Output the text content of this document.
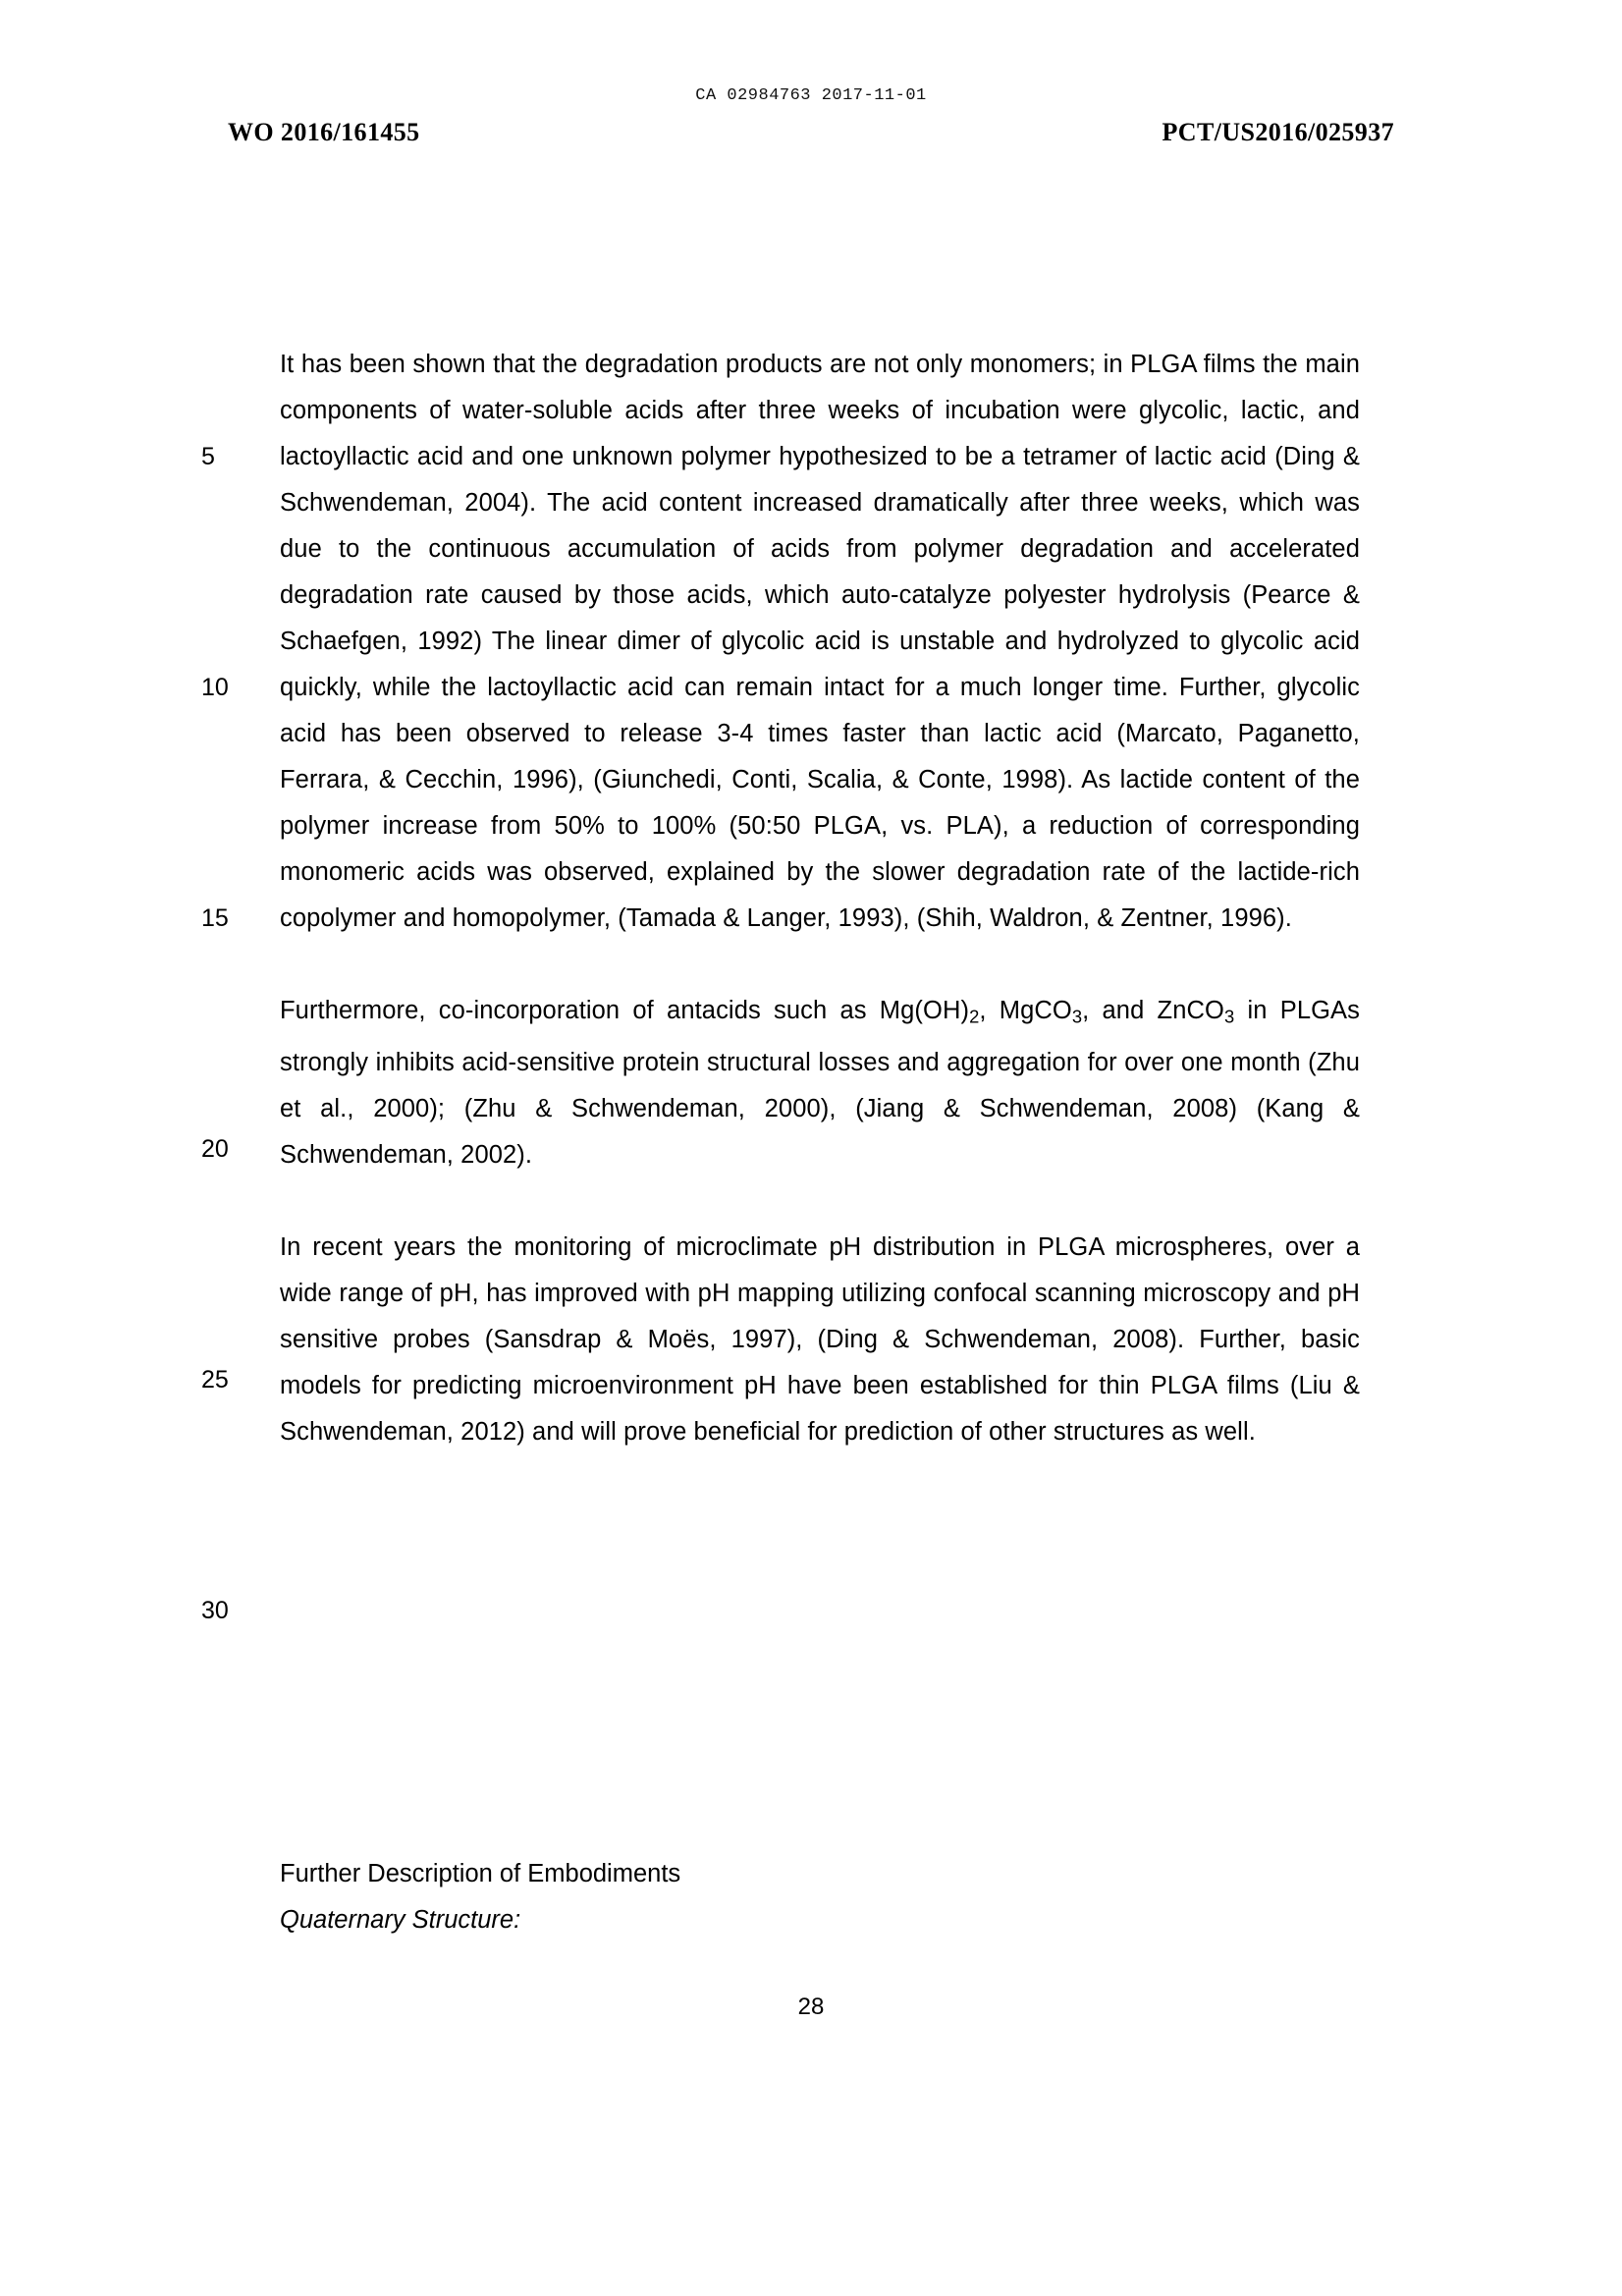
CA 02984763 2017-11-01
WO 2016/161455	PCT/US2016/025937
5
10
15
20
25
30

It has been shown that the degradation products are not only monomers; in PLGA films the main components of water-soluble acids after three weeks of incubation were glycolic, lactic, and lactoyllactic acid and one unknown polymer hypothesized to be a tetramer of lactic acid (Ding & Schwendeman, 2004). The acid content increased dramatically after three weeks, which was due to the continuous accumulation of acids from polymer degradation and accelerated degradation rate caused by those acids, which auto-catalyze polyester hydrolysis (Pearce & Schaefgen, 1992) The linear dimer of glycolic acid is unstable and hydrolyzed to glycolic acid quickly, while the lactoyllactic acid can remain intact for a much longer time. Further, glycolic acid has been observed to release 3-4 times faster than lactic acid (Marcato, Paganetto, Ferrara, & Cecchin, 1996), (Giunchedi, Conti, Scalia, & Conte, 1998). As lactide content of the polymer increase from 50% to 100% (50:50 PLGA, vs. PLA), a reduction of corresponding monomeric acids was observed, explained by the slower degradation rate of the lactide-rich copolymer and homopolymer, (Tamada & Langer, 1993), (Shih, Waldron, & Zentner, 1996).

Furthermore, co-incorporation of antacids such as $Mg(OH)_2$, MgCO$_3$, and ZnCO$_3$ in PLGAs strongly inhibits acid-sensitive protein structural losses and aggregation for over one month (Zhu et al., 2000); (Zhu & Schwendeman, 2000), (Jiang & Schwendeman, 2008) (Kang & Schwendeman, 2002).

In recent years the monitoring of microclimate pH distribution in PLGA microspheres, over a wide range of pH, has improved with pH mapping utilizing confocal scanning microscopy and pH sensitive probes (Sansdrap & Moës, 1997), (Ding & Schwendeman, 2008). Further, basic models for predicting microenvironment pH have been established for thin PLGA films (Liu & Schwendeman, 2012) and will prove beneficial for prediction of other structures as well.

Further Description of Embodiments
Quaternary Structure:
28
